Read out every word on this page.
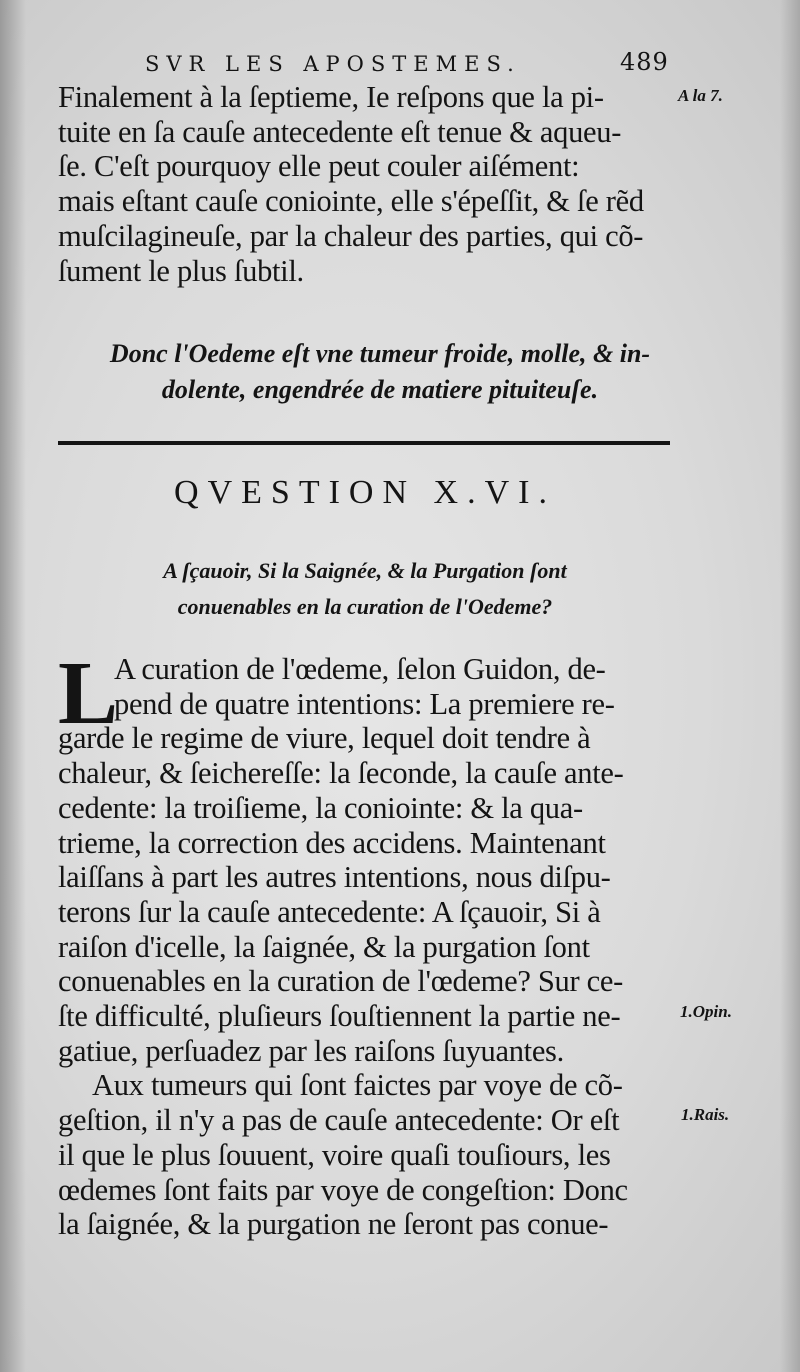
SVR LES APOSTEMES.	489
A la 7.
1.Opin.
1.Rais.
Finalement à la ſeptieme, Ie reſpons que la pi-
tuite en ſa cauſe antecedente eſt tenue & aqueu-
ſe. C'eſt pourquoy elle peut couler aiſément:
mais eſtant cauſe coniointe, elle s'épeſſit, & ſe rẽd
muſcilagineuſe, par la chaleur des parties, qui cõ-
ſument le plus ſubtil.
Donc l'Oedeme eſt vne tumeur froide, molle, & in-
dolente, engendrée de matiere pituiteuſe.
QVESTION X.VI.
A ſçauoir, Si la Saignée, & la Purgation ſont
conuenables en la curation de l'Oedeme?
L
A curation de l'œdeme, ſelon Guidon, de-
pend de quatre intentions: La premiere re-
garde le regime de viure, lequel doit tendre à
chaleur, & ſeichereſſe: la ſeconde, la cauſe ante-
cedente: la troiſieme, la coniointe: & la qua-
trieme, la correction des accidens. Maintenant
laiſſans à part les autres intentions, nous diſpu-
terons ſur la cauſe antecedente: A ſçauoir, Si à
raiſon d'icelle, la ſaignée, & la purgation ſont
conuenables en la curation de l'œdeme? Sur ce-
ſte difficulté, pluſieurs ſouſtiennent la partie ne-
gatiue, perſuadez par les raiſons ſuyuantes.
Aux tumeurs qui ſont faictes par voye de cõ-
geſtion, il n'y a pas de cauſe antecedente: Or eſt
il que le plus ſouuent, voire quaſi touſiours, les
œdemes ſont faits par voye de congeſtion: Donc
la ſaignée, & la purgation ne ſeront pas conue-
